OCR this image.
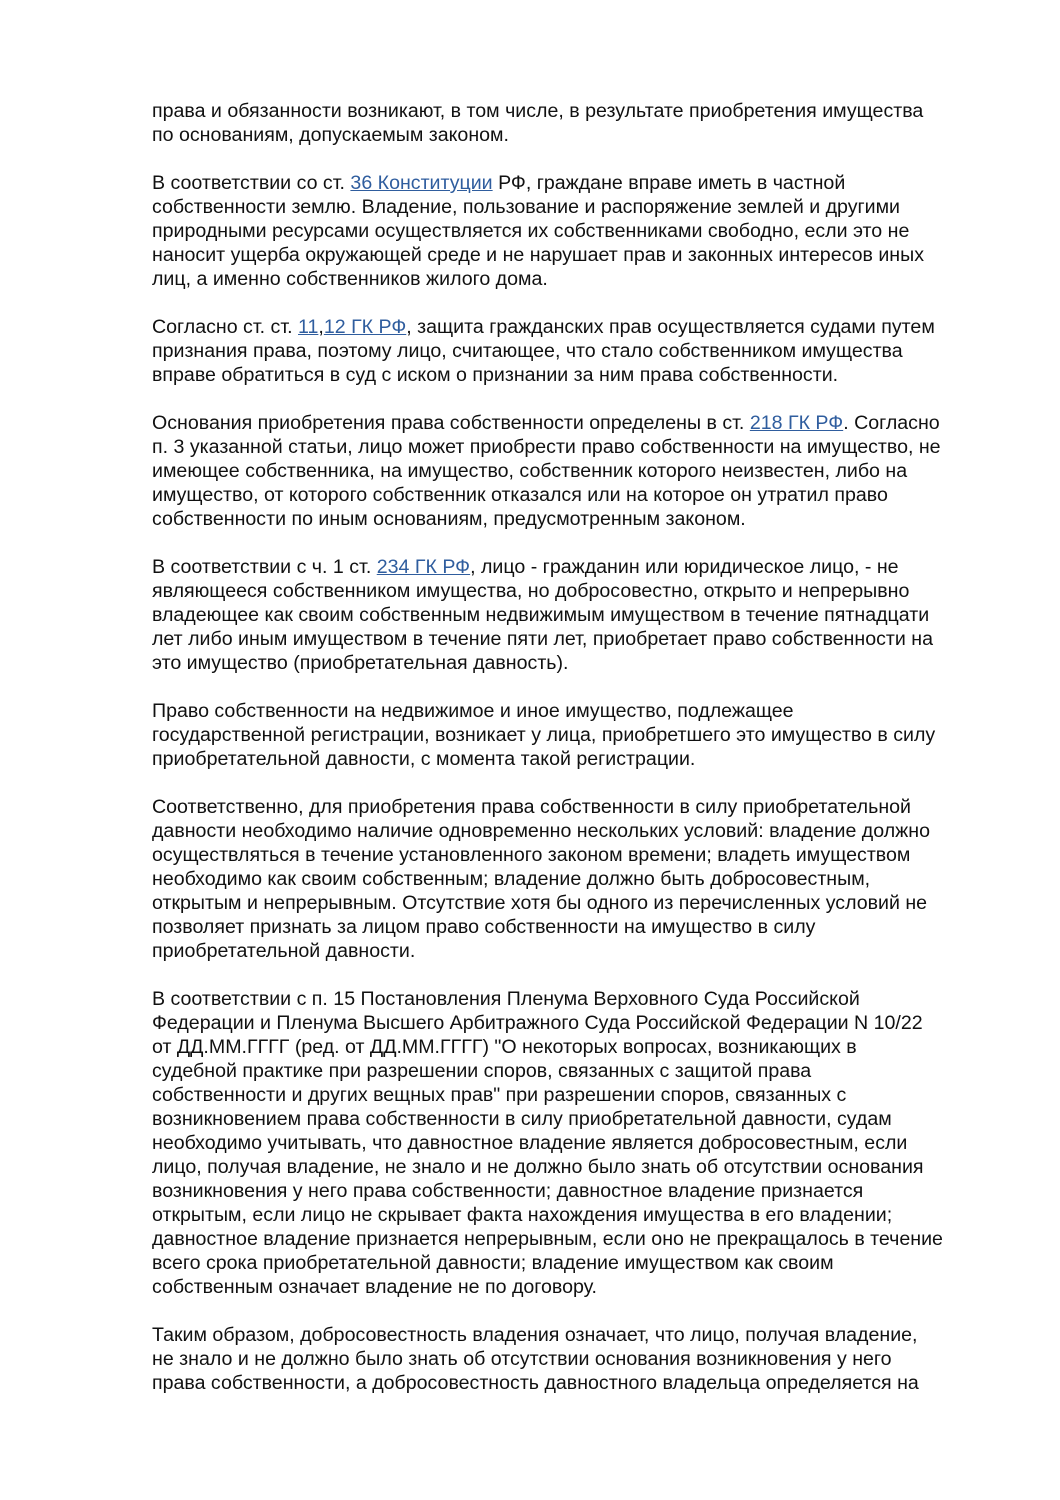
права и обязанности возникают, в том числе, в результате приобретения имущества
по основаниям, допускаемым законом.

В соответствии со ст. 36 Конституции РФ, граждане вправе иметь в частной
собственности землю. Владение, пользование и распоряжение землей и другими
природными ресурсами осуществляется их собственниками свободно, если это не
наносит ущерба окружающей среде и не нарушает прав и законных интересов иных
лиц, а именно собственников жилого дома.

Согласно ст. ст. 11,12 ГК РФ, защита гражданских прав осуществляется судами путем
признания права, поэтому лицо, считающее, что стало собственником имущества
вправе обратиться в суд с иском о признании за ним права собственности.

Основания приобретения права собственности определены в ст. 218 ГК РФ. Согласно
п. 3 указанной статьи, лицо может приобрести право собственности на имущество, не
имеющее собственника, на имущество, собственник которого неизвестен, либо на
имущество, от которого собственник отказался или на которое он утратил право
собственности по иным основаниям, предусмотренным законом.

В соответствии с ч. 1 ст. 234 ГК РФ, лицо - гражданин или юридическое лицо, - не
являющееся собственником имущества, но добросовестно, открыто и непрерывно
владеющее как своим собственным недвижимым имуществом в течение пятнадцати
лет либо иным имуществом в течение пяти лет, приобретает право собственности на
это имущество (приобретательная давность).

Право собственности на недвижимое и иное имущество, подлежащее
государственной регистрации, возникает у лица, приобретшего это имущество в силу
приобретательной давности, с момента такой регистрации.

Соответственно, для приобретения права собственности в силу приобретательной
давности необходимо наличие одновременно нескольких условий: владение должно
осуществляться в течение установленного законом времени; владеть имуществом
необходимо как своим собственным; владение должно быть добросовестным,
открытым и непрерывным. Отсутствие хотя бы одного из перечисленных условий не
позволяет признать за лицом право собственности на имущество в силу
приобретательной давности.

В соответствии с п. 15 Постановления Пленума Верховного Суда Российской
Федерации и Пленума Высшего Арбитражного Суда Российской Федерации N 10/22
от ДД.ММ.ГГГГ (ред. от ДД.ММ.ГГГГ) "О некоторых вопросах, возникающих в
судебной практике при разрешении споров, связанных с защитой права
собственности и других вещных прав" при разрешении споров, связанных с
возникновением права собственности в силу приобретательной давности, судам
необходимо учитывать, что давностное владение является добросовестным, если
лицо, получая владение, не знало и не должно было знать об отсутствии основания
возникновения у него права собственности; давностное владение признается
открытым, если лицо не скрывает факта нахождения имущества в его владении;
давностное владение признается непрерывным, если оно не прекращалось в течение
всего срока приобретательной давности; владение имуществом как своим
собственным означает владение не по договору.

Таким образом, добросовестность владения означает, что лицо, получая владение,
не знало и не должно было знать об отсутствии основания возникновения у него
права собственности, а добросовестность давностного владельца определяется на
